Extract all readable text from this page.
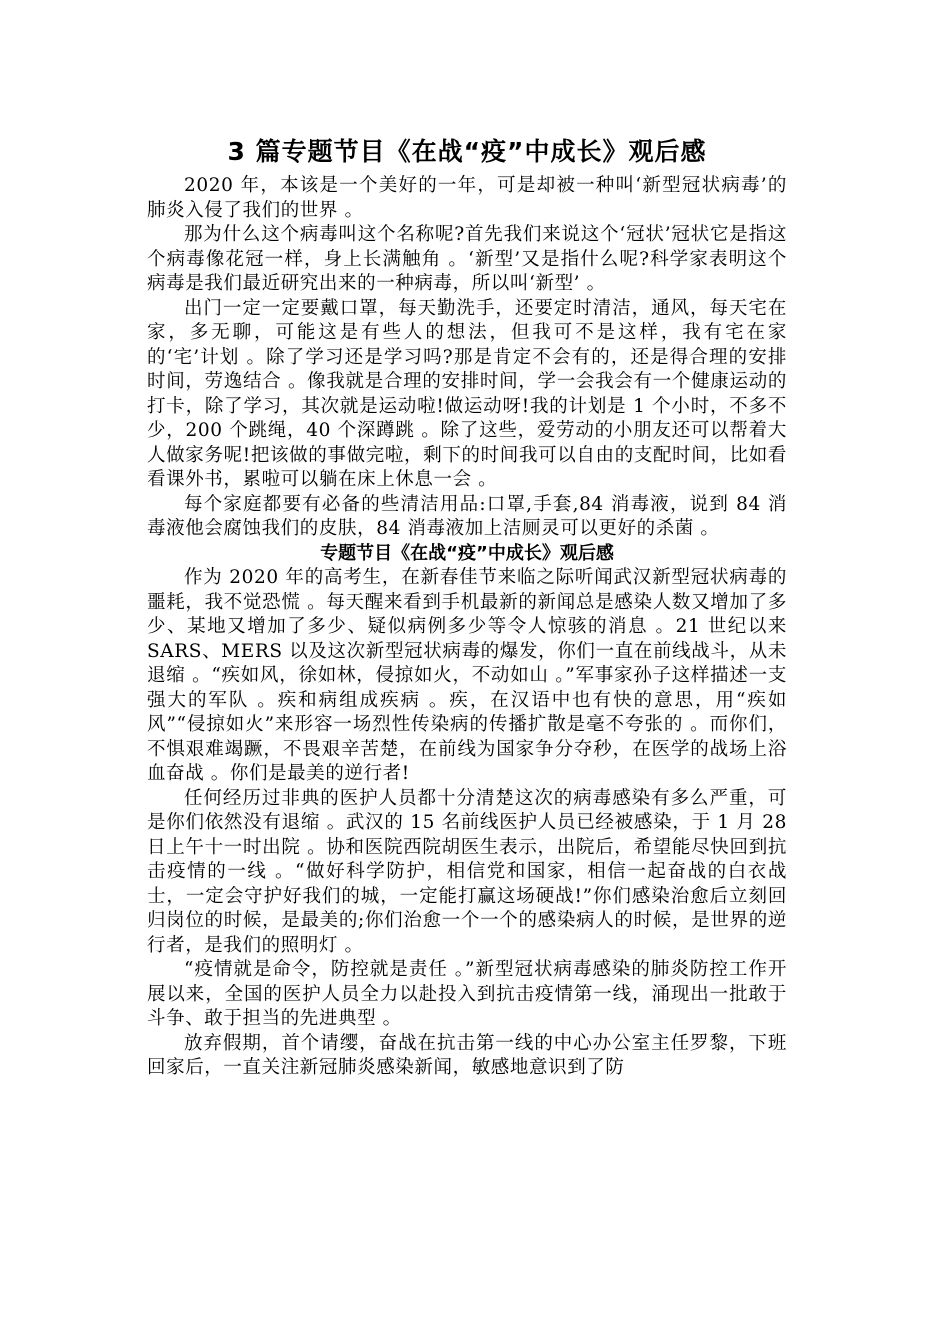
3 篇专题节目《在战“疫”中成长》观后感

2020 年，本该是一个美好的一年，可是却被一种叫‘新型冠状病毒’的肺炎入侵了我们的世界 。

那为什么这个病毒叫这个名称呢?首先我们来说这个‘冠状’冠状它是指这个病毒像花冠一样，身上长满触角 。‘新型’又是指什么呢?科学家表明这个病毒是我们最近研究出来的一种病毒，所以叫‘新型’ 。

出门一定一定要戴口罩，每天勤洗手，还要定时清洁，通风，每天宅在家，多无聊，可能这是有些人的想法，但我可不是这样，我有宅在家的‘宅’计划 。除了学习还是学习吗?那是肯定不会有的，还是得合理的安排时间，劳逸结合 。像我就是合理的安排时间，学一会我会有一个健康运动的打卡，除了学习，其次就是运动啦!做运动呀!我的计划是 1 个小时，不多不少，200 个跳绳，40 个深蹲跳 。除了这些，爱劳动的小朋友还可以帮着大人做家务呢!把该做的事做完啦，剩下的时间我可以自由的支配时间，比如看看课外书，累啦可以躺在床上休息一会 。

每个家庭都要有必备的些清洁用品:口罩,手套,84 消毒液，说到 84 消毒液他会腐蚀我们的皮肤，84 消毒液加上洁厕灵可以更好的杀菌 。

专题节目《在战“疫”中成长》观后感

作为 2020 年的高考生，在新春佳节来临之际听闻武汉新型冠状病毒的噩耗，我不觉恐慌 。每天醒来看到手机最新的新闻总是感染人数又增加了多少、某地又增加了多少、疑似病例多少等令人惊骇的消息 。21 世纪以来 SARS、MERS 以及这次新型冠状病毒的爆发，你们一直在前线战斗，从未退缩 。“疾如风，徐如林，侵掠如火，不动如山 。”军事家孙子这样描述一支强大的军队 。疾和病组成疾病 。疾，在汉语中也有快的意思，用“疾如风”“侵掠如火”来形容一场烈性传染病的传播扩散是毫不夸张的 。而你们，不惧艰难竭蹶，不畏艰辛苦楚，在前线为国家争分夺秒，在医学的战场上浴血奋战 。你们是最美的逆行者!

任何经历过非典的医护人员都十分清楚这次的病毒感染有多么严重，可是你们依然没有退缩 。武汉的 15 名前线医护人员已经被感染，于 1 月 28 日上午十一时出院 。协和医院西院胡医生表示，出院后，希望能尽快回到抗击疫情的一线 。“做好科学防护，相信党和国家，相信一起奋战的白衣战士，一定会守护好我们的城，一定能打赢这场硬战!”你们感染治愈后立刻回归岗位的时候，是最美的;你们治愈一个一个的感染病人的时候，是世界的逆行者，是我们的照明灯 。

“疫情就是命令，防控就是责任 。”新型冠状病毒感染的肺炎防控工作开展以来，全国的医护人员全力以赴投入到抗击疫情第一线，涌现出一批敢于斗争、敢于担当的先进典型 。

放弃假期，首个请缨，奋战在抗击第一线的中心办公室主任罗黎，下班回家后，一直关注新冠肺炎感染新闻，敏感地意识到了防
